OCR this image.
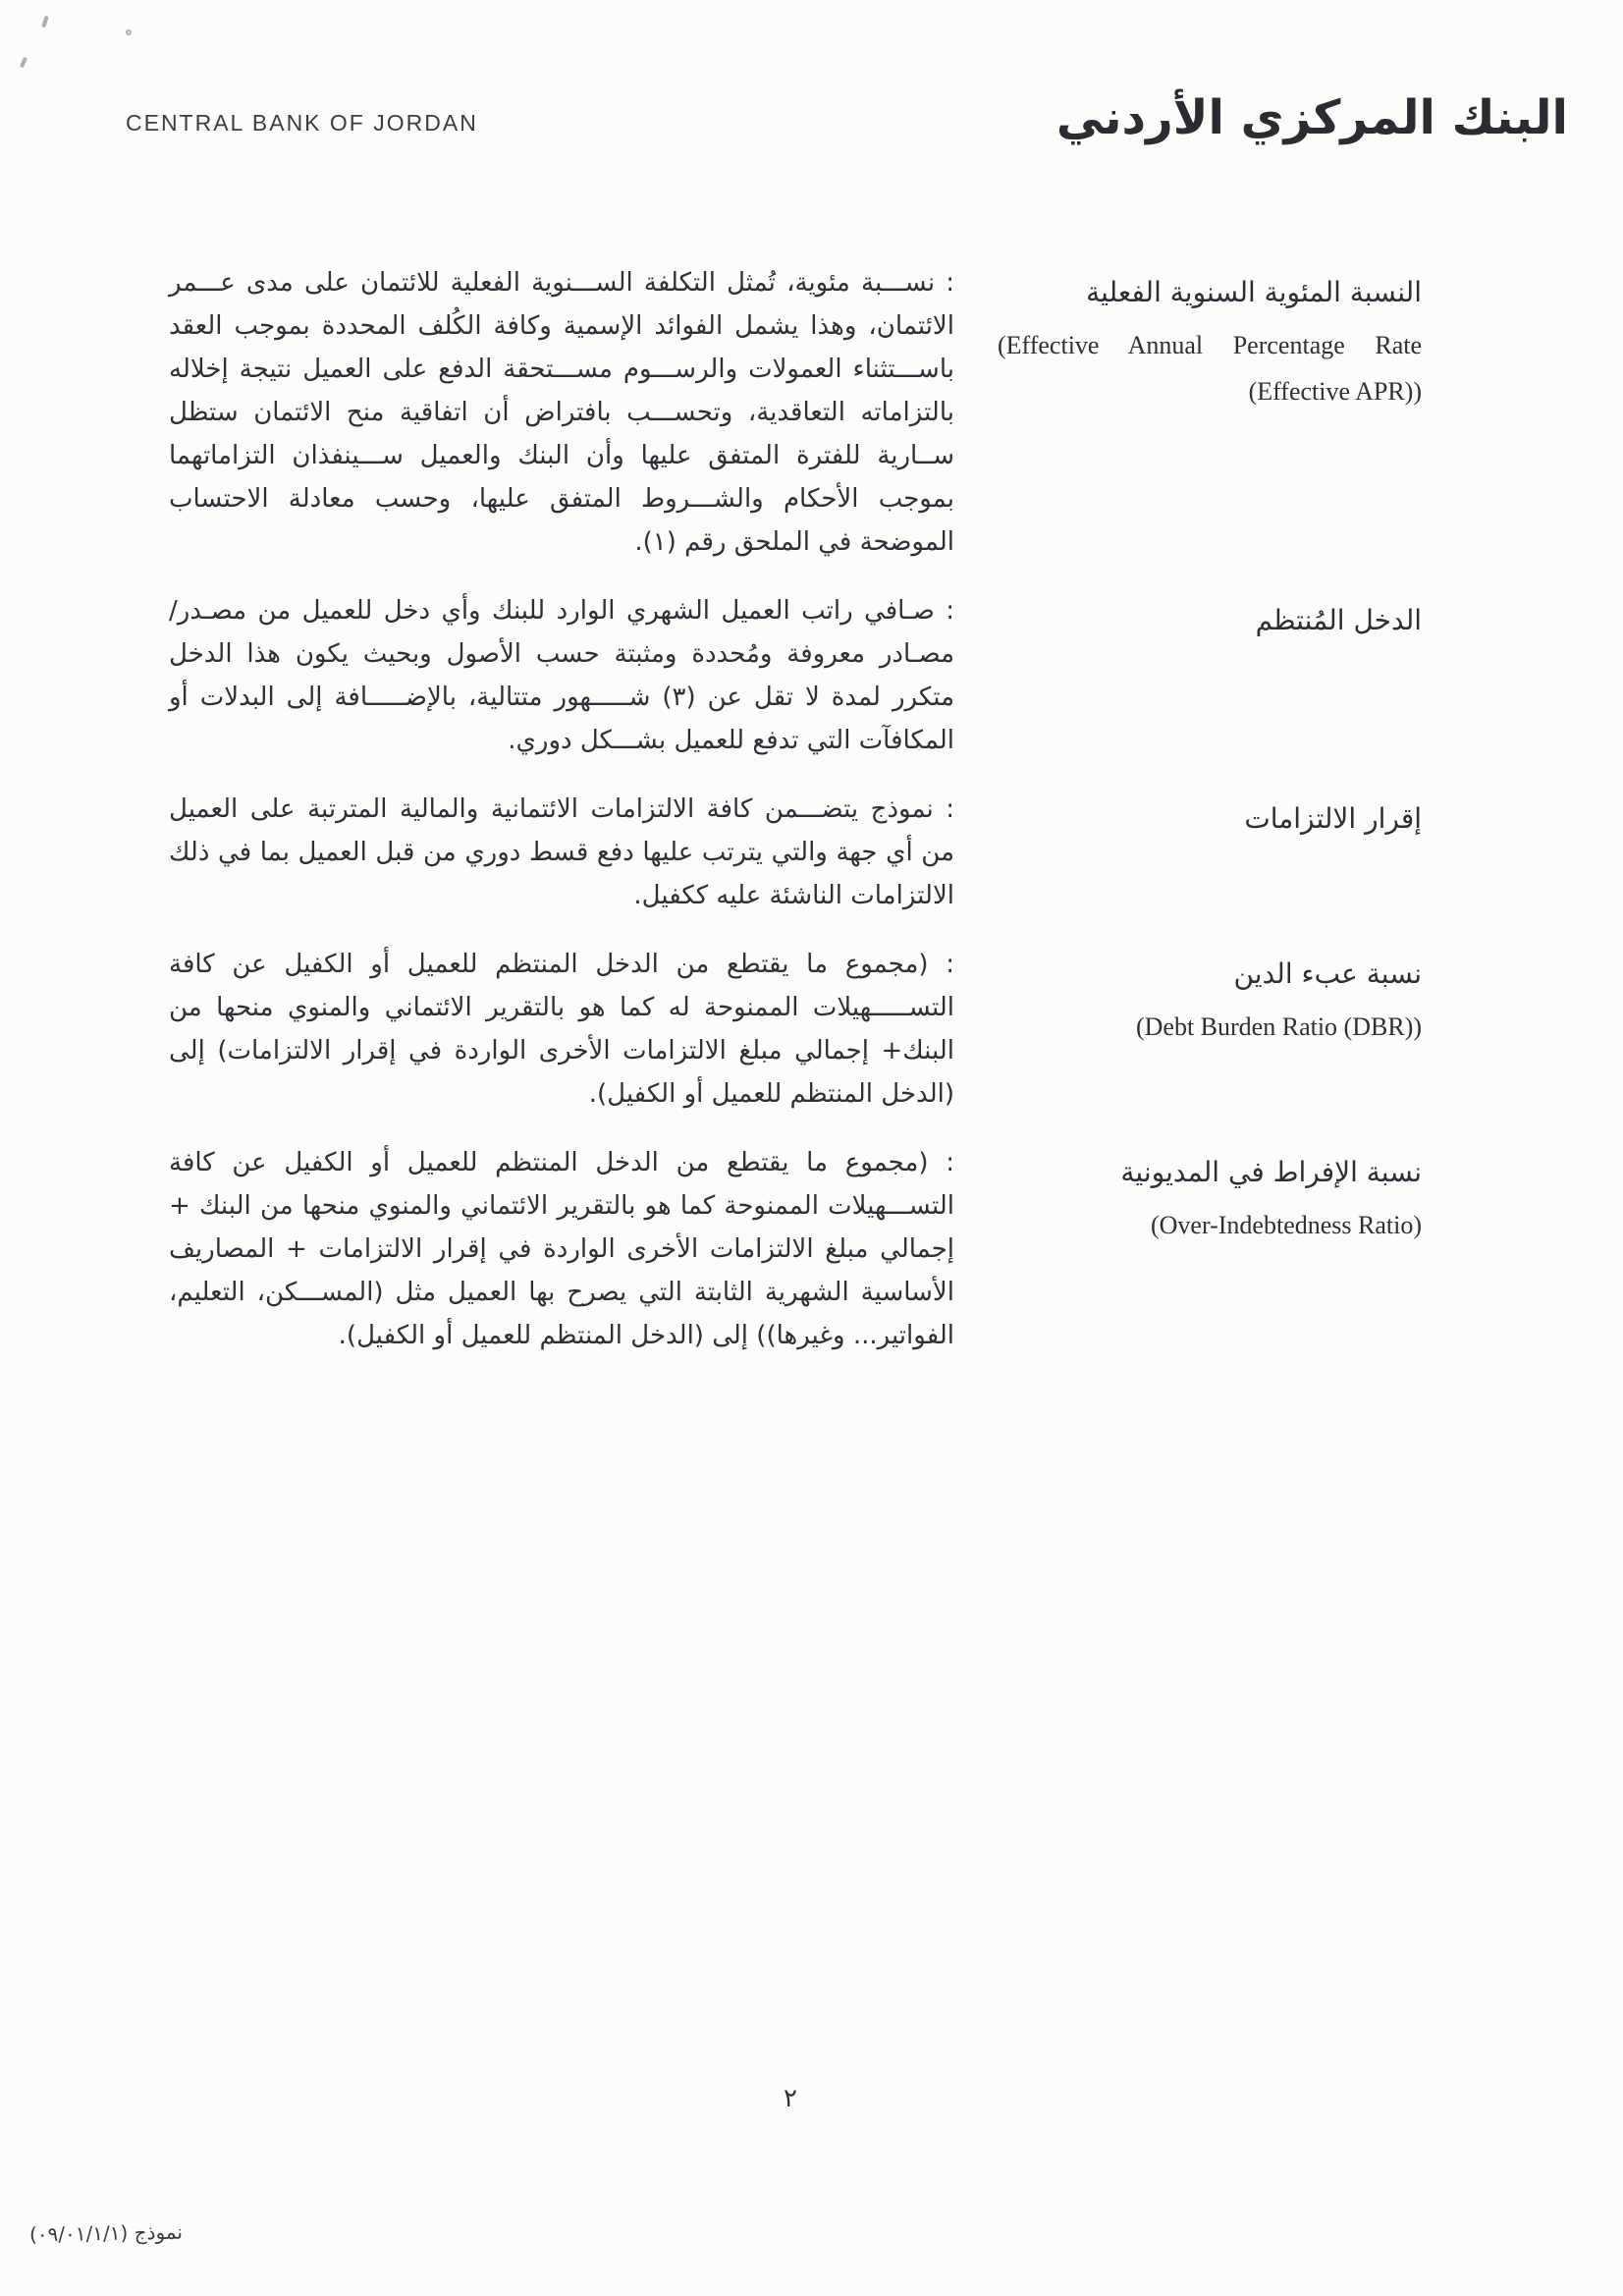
CENTRAL BANK OF JORDAN	البنك المركزي الأردني
النسبة المئوية السنوية الفعلية
(Effective Annual Percentage Rate (Effective APR))
: نســـبة مئوية، تُمثل التكلفة الســـنوية الفعلية للائتمان على مدى عـــمر الائتمان، وهذا يشمل الفوائد الإسمية وكافة الكُلف المحددة بموجب العقد باســـتثناء العمولات والرســـوم مســـتحقة الدفع على العميل نتيجة إخلاله بالتزاماته التعاقدية، وتحســـب بافتراض أن اتفاقية منح الائتمان ستظل ســارية للفترة المتفق عليها وأن البنك والعميل ســـينفذان التزاماتهما بموجب الأحكام والشـــروط المتفق عليها، وحسب معادلة الاحتساب الموضحة في الملحق رقم (١).
الدخل المُنتظم
: صـافي راتب العميل الشهري الوارد للبنك وأي دخل للعميل من مصـدر/ مصـادر معروفة ومُحددة ومثبتة حسب الأصول وبحيث يكون هذا الدخل متكرر لمدة لا تقل عن (٣) شـــــهور متتالية، بالإضـــــافة إلى البدلات أو المكافآت التي تدفع للعميل بشـــكل دوري.
إقرار الالتزامات
: نموذج يتضـــمن كافة الالتزامات الائتمانية والمالية المترتبة على العميل من أي جهة والتي يترتب عليها دفع قسط دوري من قبل العميل بما في ذلك الالتزامات الناشئة عليه ككفيل.
نسبة عبء الدين
(Debt Burden Ratio (DBR))
: (مجموع ما يقتطع من الدخل المنتظم للعميل أو الكفيل عن كافة التســـــهيلات الممنوحة له كما هو بالتقرير الائتماني والمنوي منحها من البنك+ إجمالي مبلغ الالتزامات الأخرى الواردة في إقرار الالتزامات) إلى (الدخل المنتظم للعميل أو الكفيل).
نسبة الإفراط في المديونية
(Over-Indebtedness Ratio)
: (مجموع ما يقتطع من الدخل المنتظم للعميل أو الكفيل عن كافة التســـهيلات الممنوحة كما هو بالتقرير الائتماني والمنوي منحها من البنك + إجمالي مبلغ الالتزامات الأخرى الواردة في إقرار الالتزامات + المصاريف الأساسية الشهرية الثابتة التي يصرح بها العميل مثل (المســـكن، التعليم، الفواتير... وغيرها)) إلى (الدخل المنتظم للعميل أو الكفيل).
٢
نموذج (٠٩/٠١/١/١)
